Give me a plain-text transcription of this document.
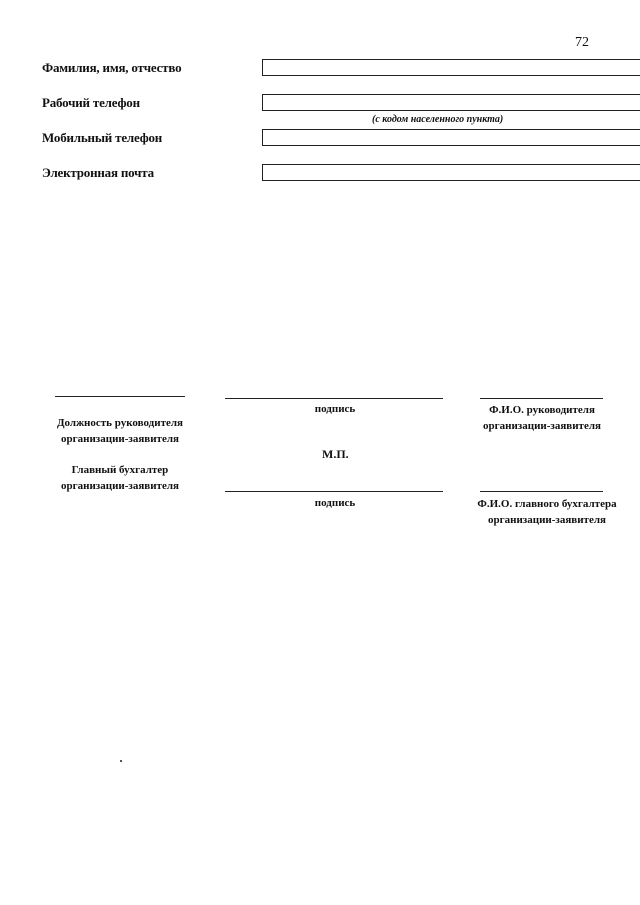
72
Фамилия, имя, отчество
Рабочий телефон
(с кодом населенного пункта)
Мобильный телефон
Электронная почта
подпись	Ф.И.О. руководителя организации-заявителя
Должность руководителя организации-заявителя
М.П.
Главный бухгалтер организации-заявителя
подпись	Ф.И.О. главного бухгалтера организации-заявителя
